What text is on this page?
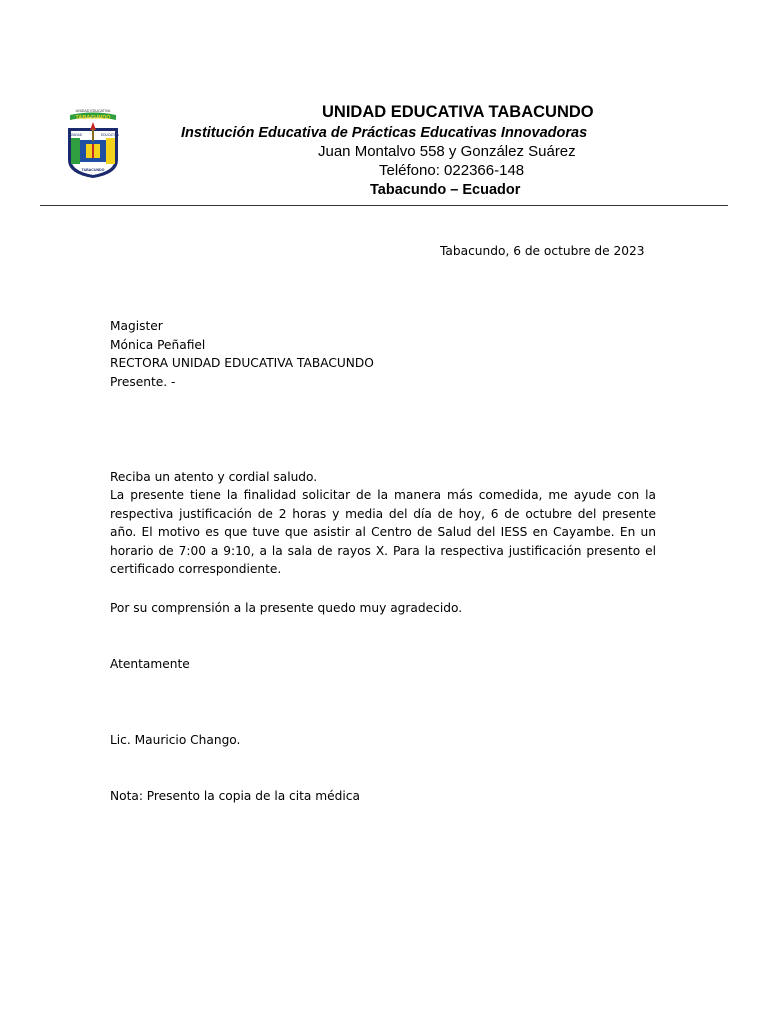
UNIDAD EDUCATIVA
TABACUNDO
UNIDAD	EDUCATIVA
TABACUNDO
UNIDAD EDUCATIVA TABACUNDO
Institución Educativa de Prácticas Educativas Innovadoras
Juan Montalvo 558 y González Suárez
Teléfono: 022366-148
Tabacundo – Ecuador
Tabacundo, 6 de octubre de 2023
Magister
Mónica Peñafiel
RECTORA UNIDAD EDUCATIVA TABACUNDO
Presente. -
Reciba un atento y cordial saludo.
La presente tiene la finalidad solicitar de la manera más comedida, me ayude con la respectiva justificación de 2 horas y media del día de hoy, 6 de octubre del presente año. El motivo es que tuve que asistir al Centro de Salud del IESS en Cayambe. En un horario de 7:00 a 9:10, a la sala de rayos X. Para la respectiva justificación presento el certificado correspondiente.
Por su comprensión a la presente quedo muy agradecido.
Atentamente
Lic. Mauricio Chango.
Nota: Presento la copia de la cita médica
